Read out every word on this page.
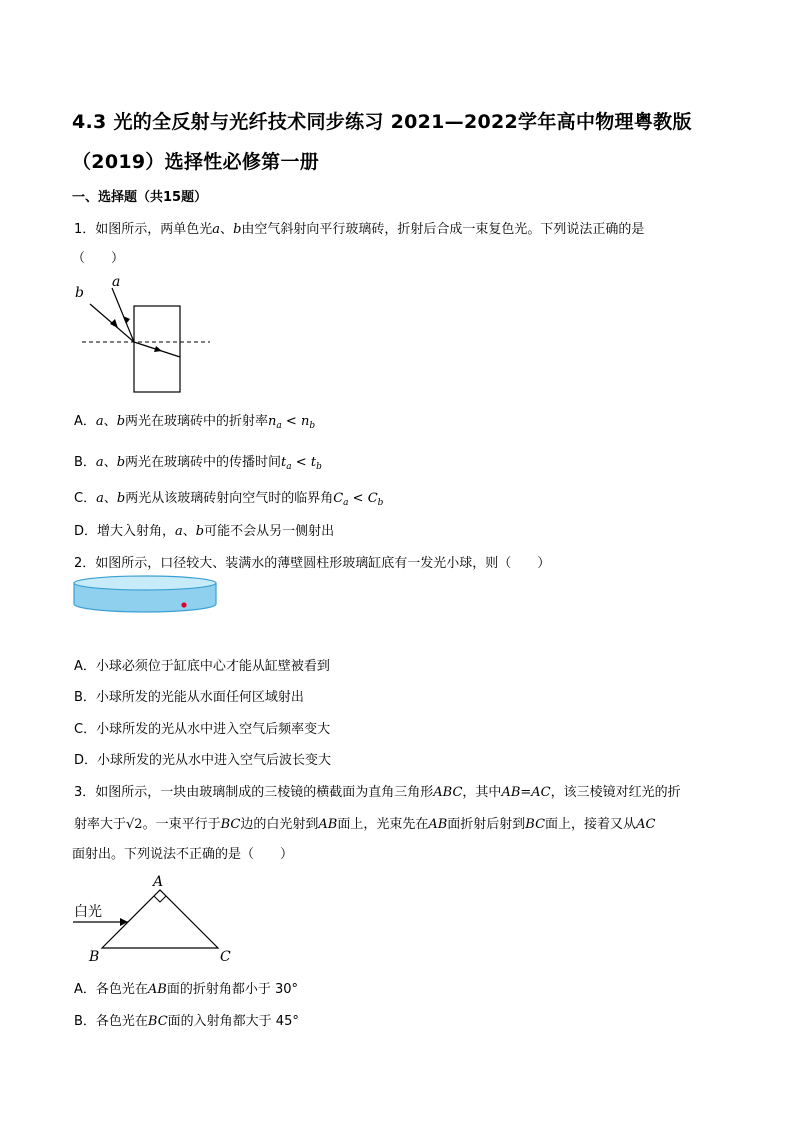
4.3 光的全反射与光纤技术同步练习 2021—2022学年高中物理粤教版
（2019）选择性必修第一册
一、选择题（共15题）
1．如图所示，两单色光a、b由空气斜射向平行玻璃砖，折射后合成一束复色光。下列说法正确的是
（　　）
a
b
A．a、b两光在玻璃砖中的折射率$n_a < n_b$
B．a、b两光在玻璃砖中的传播时间$t_a < t_b$
C．a、b两光从该玻璃砖射向空气时的临界角$C_a < C_b$
D．增大入射角，a、b可能不会从另一侧射出
2．如图所示，口径较大、装满水的薄壁圆柱形玻璃缸底有一发光小球，则（　　）
A．小球必须位于缸底中心才能从缸壁被看到
B．小球所发的光能从水面任何区域射出
C．小球所发的光从水中进入空气后频率变大
D．小球所发的光从水中进入空气后波长变大
3．如图所示，一块由玻璃制成的三棱镜的横截面为直角三角形ABC，其中AB=AC，该三棱镜对红光的折
射率大于√2。一束平行于BC边的白光射到AB面上，光束先在AB面折射后射到BC面上，接着又从AC
面射出。下列说法不正确的是（　　）
A
B	C
白光
A．各色光在AB面的折射角都小于 30°
B．各色光在BC面的入射角都大于 45°
